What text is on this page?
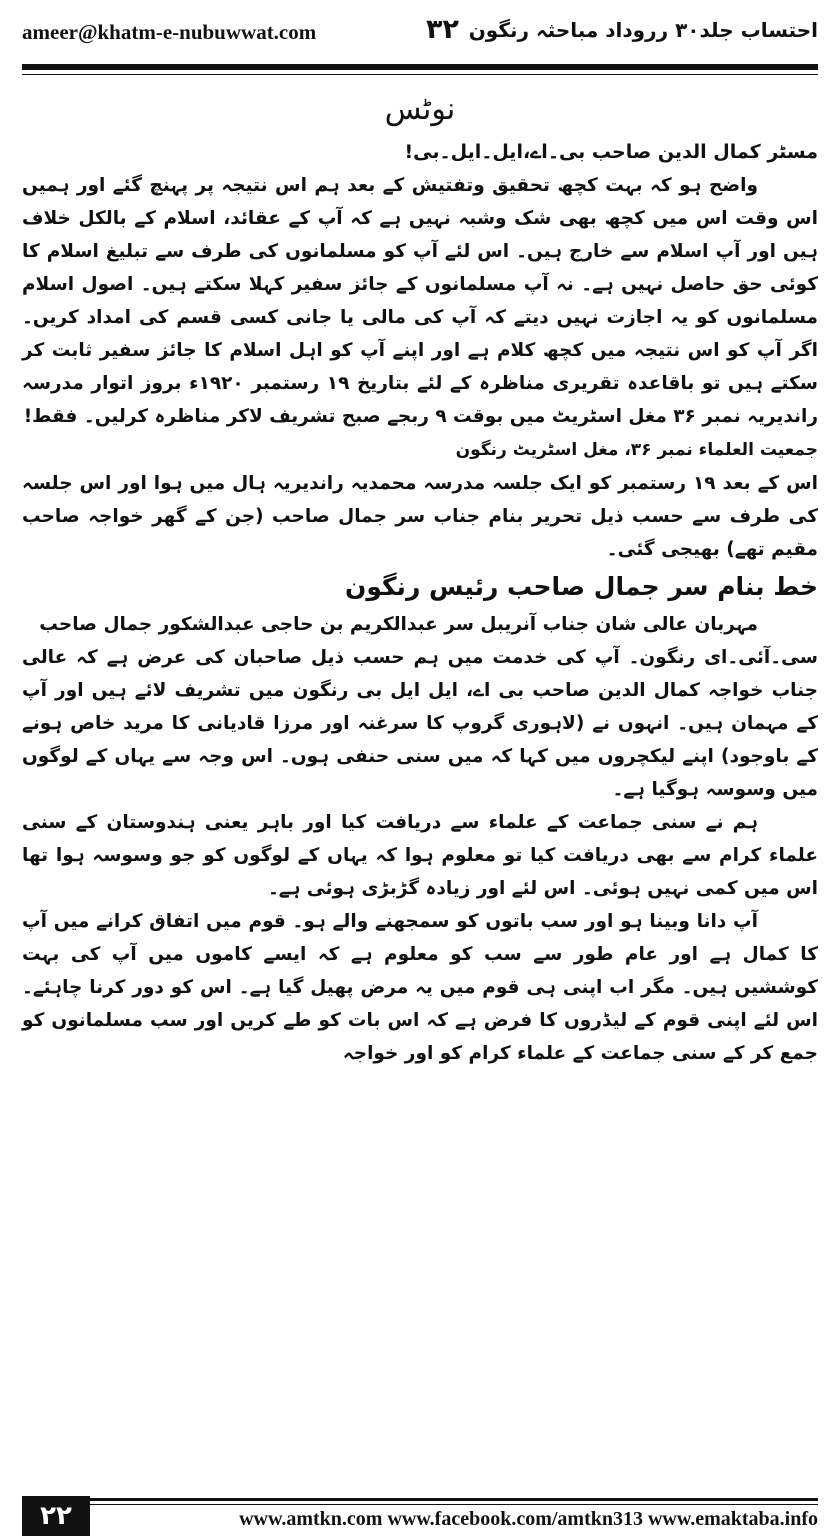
ameer@khatm-e-nubuwwat.com	۳۲ احتساب جلد۳۰ رروداد مباحثہ رنگون

نوٹس

مسٹر کمال الدین صاحب بی۔اے،ایل۔ایل۔بی!

واضح ہو کہ بہت کچھ تحقیق وتفتیش کے بعد ہم اس نتیجہ پر پہنچ گئے اور ہمیں اس وقت اس میں کچھ بھی شک وشبہ نہیں ہے کہ آپ کے عقائد، اسلام کے بالکل خلاف ہیں اور آپ اسلام سے خارج ہیں۔ اس لئے آپ کو مسلمانوں کی طرف سے تبلیغ اسلام کا کوئی حق حاصل نہیں ہے۔ نہ آپ مسلمانوں کے جائز سفیر کہلا سکتے ہیں۔ اصول اسلام مسلمانوں کو یہ اجازت نہیں دیتے کہ آپ کی مالی یا جانی کسی قسم کی امداد کریں۔ اگر آپ کو اس نتیجہ میں کچھ کلام ہے اور اپنے آپ کو اہل اسلام کا جائز سفیر ثابت کر سکتے ہیں تو باقاعدہ تقریری مناظرہ کے لئے بتاریخ ۱۹ رستمبر ۱۹۲۰ء بروز اتوار مدرسہ راندیریہ نمبر ۳۶ مغل اسٹریٹ میں بوقت ۹ ربجے صبح تشریف لاکر مناظرہ کرلیں۔ فقط!

جمعیت العلماء نمبر ۳۶، مغل اسٹریٹ رنگون

اس کے بعد ۱۹ رستمبر کو ایک جلسہ مدرسہ محمدیہ راندیریہ ہال میں ہوا اور اس جلسہ کی طرف سے حسب ذیل تحریر بنام جناب سر جمال صاحب (جن کے گھر خواجہ صاحب مقیم تھے) بھیجی گئی۔

خط بنام سر جمال صاحب رئیس رنگون

مہربان عالی شان جناب آنریبل سر عبدالکریم بن حاجی عبدالشکور جمال صاحب

سی۔آئی۔ای رنگون۔ آپ کی خدمت میں ہم حسب ذیل صاحبان کی عرض ہے کہ عالی جناب خواجہ کمال الدین صاحب بی اے، ایل ایل بی رنگون میں تشریف لائے ہیں اور آپ کے مہمان ہیں۔ انہوں نے (لاہوری گروپ کا سرغنہ اور مرزا قادیانی کا مرید خاص ہونے کے باوجود) اپنے لیکچروں میں کہا کہ میں سنی حنفی ہوں۔ اس وجہ سے یہاں کے لوگوں میں وسوسہ ہوگیا ہے۔

ہم نے سنی جماعت کے علماء سے دریافت کیا اور باہر یعنی ہندوستان کے سنی علماء کرام سے بھی دریافت کیا تو معلوم ہوا کہ یہاں کے لوگوں کو جو وسوسہ ہوا تھا اس میں کمی نہیں ہوئی۔ اس لئے اور زیادہ گڑبڑی ہوئی ہے۔

آپ دانا وبینا ہو اور سب باتوں کو سمجھنے والے ہو۔ قوم میں اتفاق کرانے میں آپ کا کمال ہے اور عام طور سے سب کو معلوم ہے کہ ایسے کاموں میں آپ کی بہت کوششیں ہیں۔ مگر اب اپنی ہی قوم میں یہ مرض پھیل گیا ہے۔ اس کو دور کرنا چاہئے۔ اس لئے اپنی قوم کے لیڈروں کا فرض ہے کہ اس بات کو طے کریں اور سب مسلمانوں کو جمع کر کے سنی جماعت کے علماء کرام کو اور خواجہ

۲۲	www.amtkn.com www.facebook.com/amtkn313 www.emaktaba.info
